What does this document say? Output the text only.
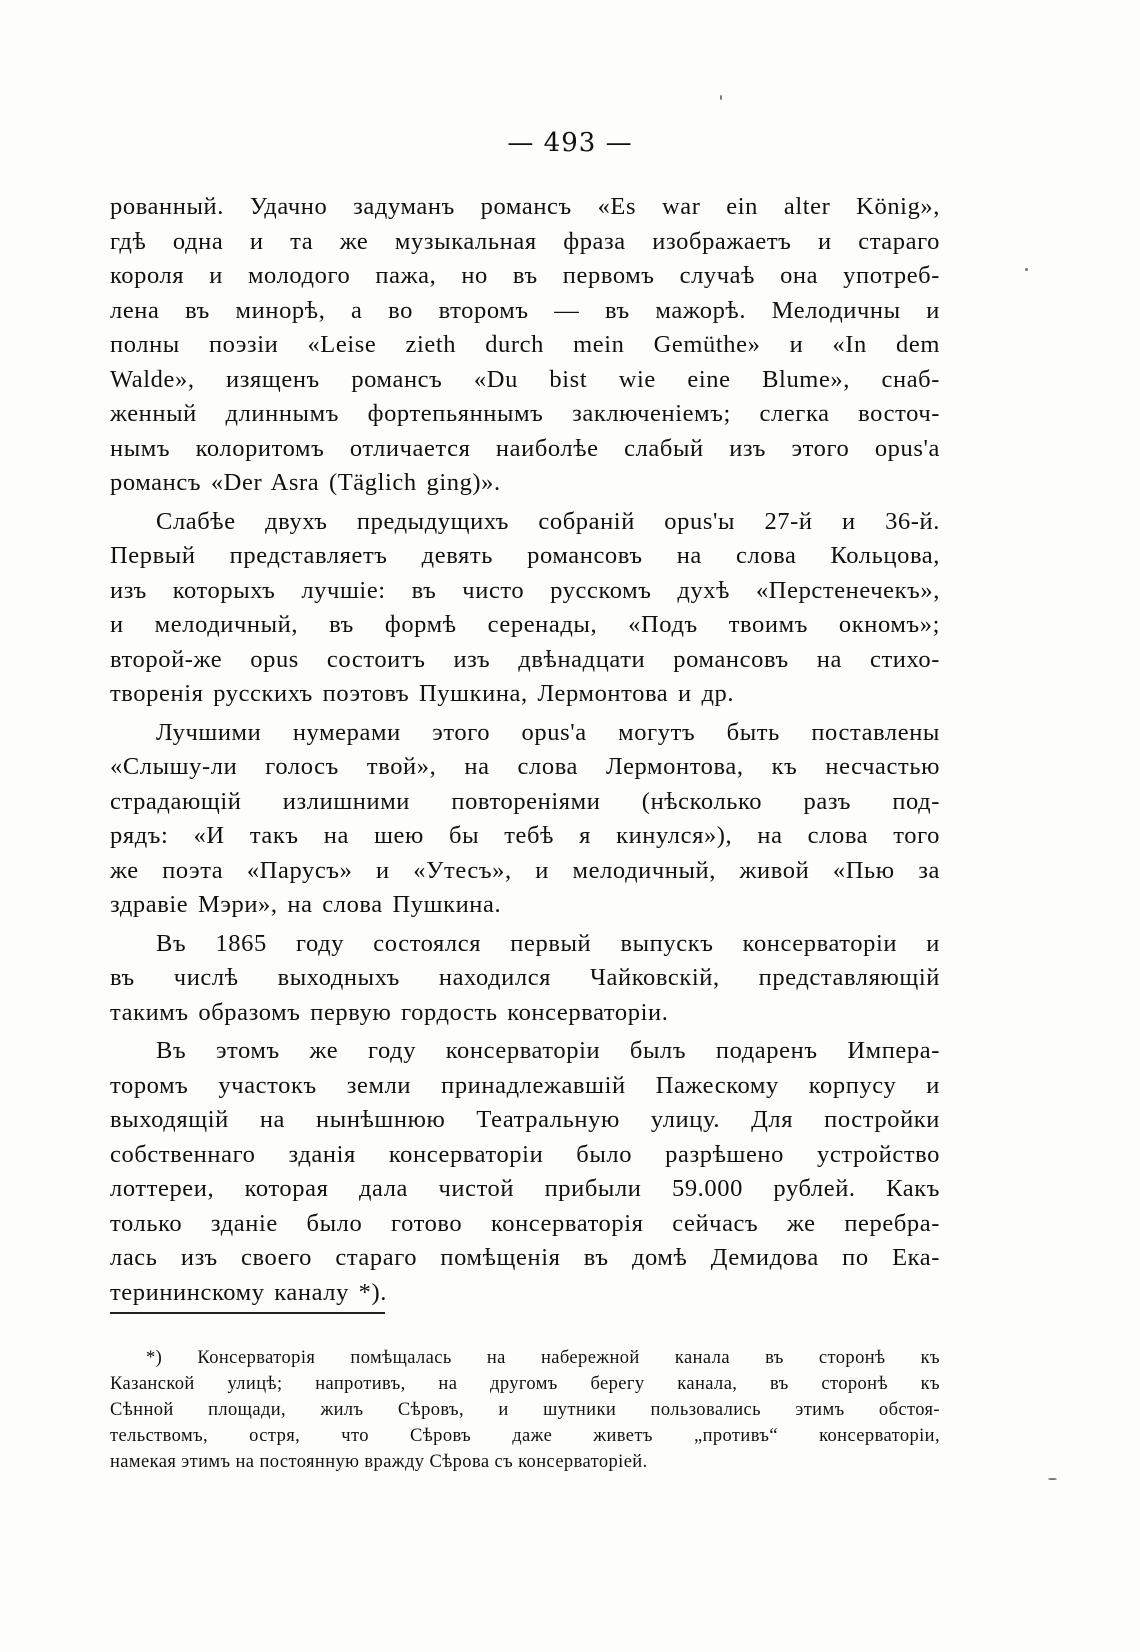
— 493 —
рованный. Удачно задуманъ романсъ «Es war ein alter König»,
гдѣ одна и та же музыкальная фраза изображаетъ и стараго
короля и молодого пажа, но въ первомъ случаѣ она употреб-
лена въ минорѣ, а во второмъ — въ мажорѣ. Мелодичны и
полны поэзіи «Leise zieth durch mein Gemüthe» и «In dem
Walde», изященъ романсъ «Du bist wie eine Blume», снаб-
женный длиннымъ фортепьяннымъ заключеніемъ; слегка восточ-
нымъ колоритомъ отличается наиболѣе слабый изъ этого opus'a
романсъ «Der Asra (Täglich ging)».
Слабѣе двухъ предыдущихъ собраній opus'ы 27-й и 36-й.
Первый представляетъ девять романсовъ на слова Кольцова,
изъ которыхъ лучшіе: въ чисто русскомъ духѣ «Перстенечекъ»,
и мелодичный, въ формѣ серенады, «Подъ твоимъ окномъ»;
второй-же opus состоитъ изъ двѣнадцати романсовъ на стихо-
творенія русскихъ поэтовъ Пушкина, Лермонтова и др.
Лучшими нумерами этого opus'a могутъ быть поставлены
«Слышу-ли голосъ твой», на слова Лермонтова, къ несчастью
страдающій излишними повтореніями (нѣсколько разъ под-
рядъ: «И такъ на шею бы тебѣ я кинулся»), на слова того
же поэта «Парусъ» и «Утесъ», и мелодичный, живой «Пью за
здравіе Мэри», на слова Пушкина.
Въ 1865 году состоялся первый выпускъ консерваторіи и
въ числѣ выходныхъ находился Чайковскій, представляющій
такимъ образомъ первую гордость консерваторіи.
Въ этомъ же году консерваторіи былъ подаренъ Импера-
торомъ участокъ земли принадлежавшій Пажескому корпусу и
выходящій на нынѣшнюю Театральную улицу. Для постройки
собственнаго зданія консерваторіи было разрѣшено устройство
лоттереи, которая дала чистой прибыли 59.000 рублей. Какъ
только зданіе было готово консерваторія сейчасъ же перебра-
лась изъ своего стараго помѣщенія въ домѣ Демидова по Ека-
терининскому каналу *).
*) Консерваторія помѣщалась на набережной канала въ сторонѣ къ
Казанской улицѣ; напротивъ, на другомъ берегу канала, въ сторонѣ къ
Сѣнной площади, жилъ Сѣровъ, и шутники пользовались этимъ обстоя-
тельствомъ, остря, что Сѣровъ даже живетъ „противъ“ консерваторіи,
намекая этимъ на постоянную вражду Сѣрова съ консерваторіей.
